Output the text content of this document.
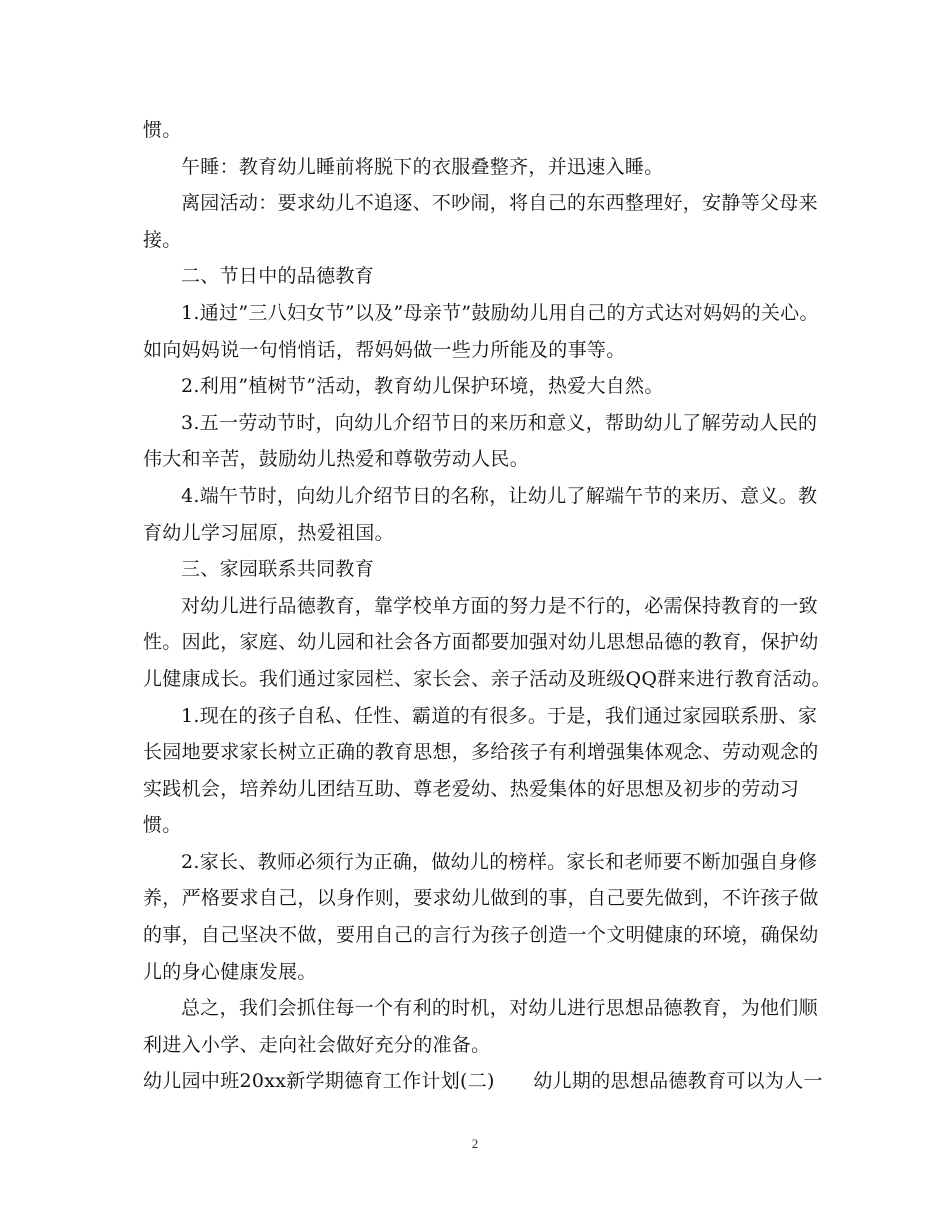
惯。
午睡：教育幼儿睡前将脱下的衣服叠整齐，并迅速入睡。
离园活动：要求幼儿不追逐、不吵闹，将自己的东西整理好，安静等父母来
接。
二、节日中的品德教育
1.通过”三八妇女节”以及”母亲节”鼓励幼儿用自己的方式达对妈妈的关心。
如向妈妈说一句悄悄话，帮妈妈做一些力所能及的事等。
2.利用”植树节”活动，教育幼儿保护环境，热爱大自然。
3.五一劳动节时，向幼儿介绍节日的来历和意义，帮助幼儿了解劳动人民的
伟大和辛苦，鼓励幼儿热爱和尊敬劳动人民。
4.端午节时，向幼儿介绍节日的名称，让幼儿了解端午节的来历、意义。教
育幼儿学习屈原，热爱祖国。
三、家园联系共同教育
对幼儿进行品德教育，靠学校单方面的努力是不行的，必需保持教育的一致
性。因此，家庭、幼儿园和社会各方面都要加强对幼儿思想品德的教育，保护幼
儿健康成长。我们通过家园栏、家长会、亲子活动及班级QQ群来进行教育活动。
1.现在的孩子自私、任性、霸道的有很多。于是，我们通过家园联系册、家
长园地要求家长树立正确的教育思想，多给孩子有利增强集体观念、劳动观念的
实践机会，培养幼儿团结互助、尊老爱幼、热爱集体的好思想及初步的劳动习
惯。
2.家长、教师必须行为正确，做幼儿的榜样。家长和老师要不断加强自身修
养，严格要求自己，以身作则，要求幼儿做到的事，自己要先做到，不许孩子做
的事，自己坚决不做，要用自己的言行为孩子创造一个文明健康的环境，确保幼
儿的身心健康发展。
总之，我们会抓住每一个有利的时机，对幼儿进行思想品德教育，为他们顺
利进入小学、走向社会做好充分的准备。
幼儿园中班20xx新学期德育工作计划(二)　　幼儿期的思想品德教育可以为人一
2
